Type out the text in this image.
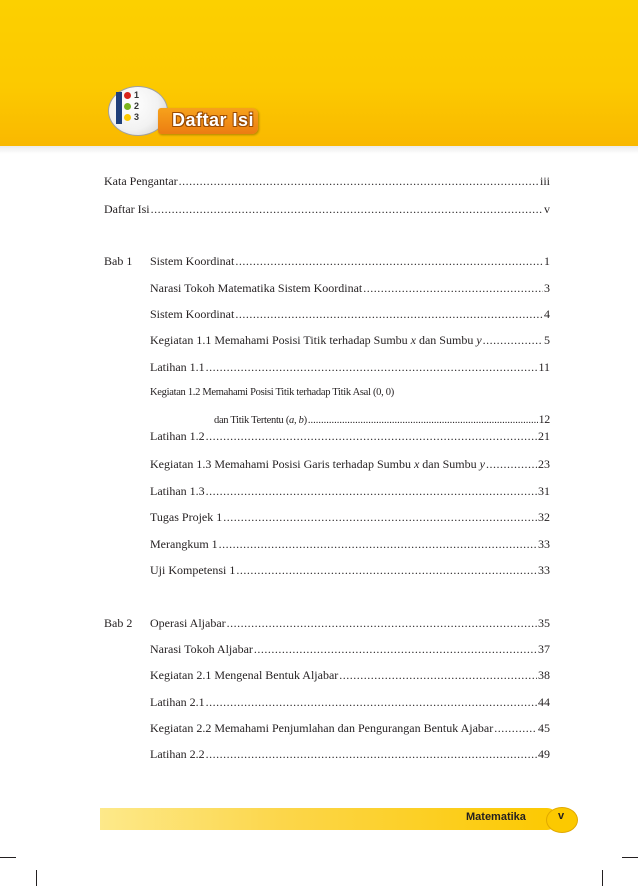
1
2
3 Daftar Isi
Kata Pengantar .....	iii
Daftar Isi .....	v
Bab 1 Sistem Koordinat .....	1
Narasi Tokoh Matematika Sistem Koordinat .....	3
Sistem Koordinat .....	4
Kegiatan 1.1 Memahami Posisi Titik terhadap Sumbu x dan Sumbu y .....	5
Latihan 1.1 .....	11
Kegiatan 1.2 Memahami Posisi Titik terhadap Titik Asal (0, 0)
dan Titik Tertentu (a, b) .....	12
Latihan 1.2 .....	21
Kegiatan 1.3 Memahami Posisi Garis terhadap Sumbu x dan Sumbu y .....	23
Latihan 1.3 .....	31
Tugas Projek 1 .....	32
Merangkum 1 .....	33
Uji Kompetensi 1 .....	33
Bab 2 Operasi Aljabar .....	35
Narasi Tokoh Aljabar .....	37
Kegiatan 2.1 Mengenal Bentuk Aljabar .....	38
Latihan 2.1 .....	44
Kegiatan 2.2 Memahami Penjumlahan dan Pengurangan Bentuk Ajabar .....	45
Latihan 2.2 .....	49
Matematika	v
